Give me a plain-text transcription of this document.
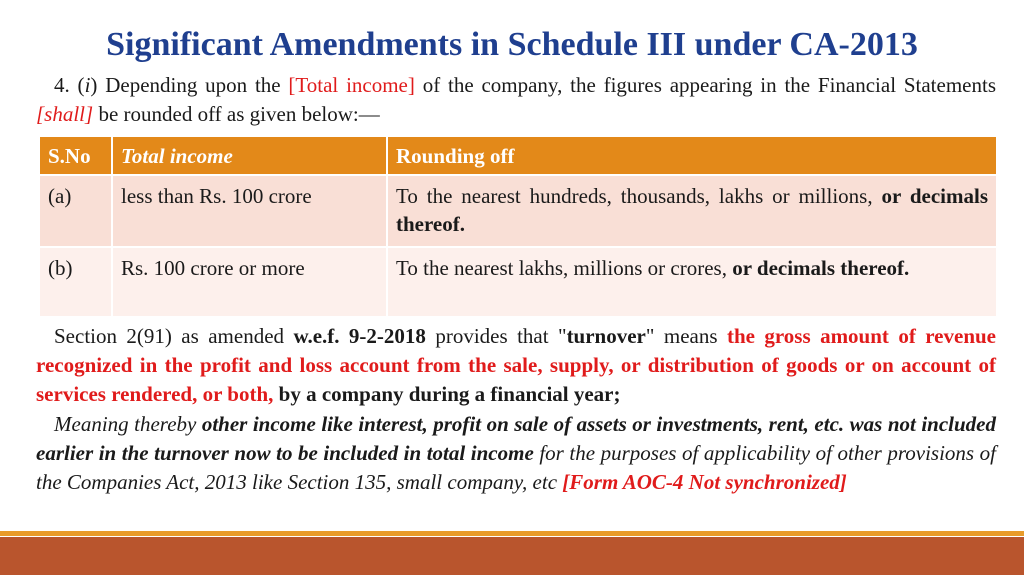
Significant Amendments in Schedule III under CA-2013
4. (i) Depending upon the [Total income] of the company, the figures appearing in the Financial Statements [shall] be rounded off as given below:—
S.No	Total income	Rounding off
(a)	less than Rs. 100 crore	To the nearest hundreds, thousands, lakhs or millions, or decimals thereof.
(b)	Rs. 100 crore or more	To the nearest lakhs, millions or crores, or decimals thereof.
Section 2(91) as amended w.e.f. 9-2-2018 provides that "turnover" means the gross amount of revenue recognized in the profit and loss account from the sale, supply, or distribution of goods or on account of services rendered, or both, by a company during a financial year;
Meaning thereby other income like interest, profit on sale of assets or investments, rent, etc. was not included earlier in the turnover now to be included in total income for the purposes of applicability of other provisions of the Companies Act, 2013 like Section 135, small company, etc [Form AOC-4 Not synchronized]
